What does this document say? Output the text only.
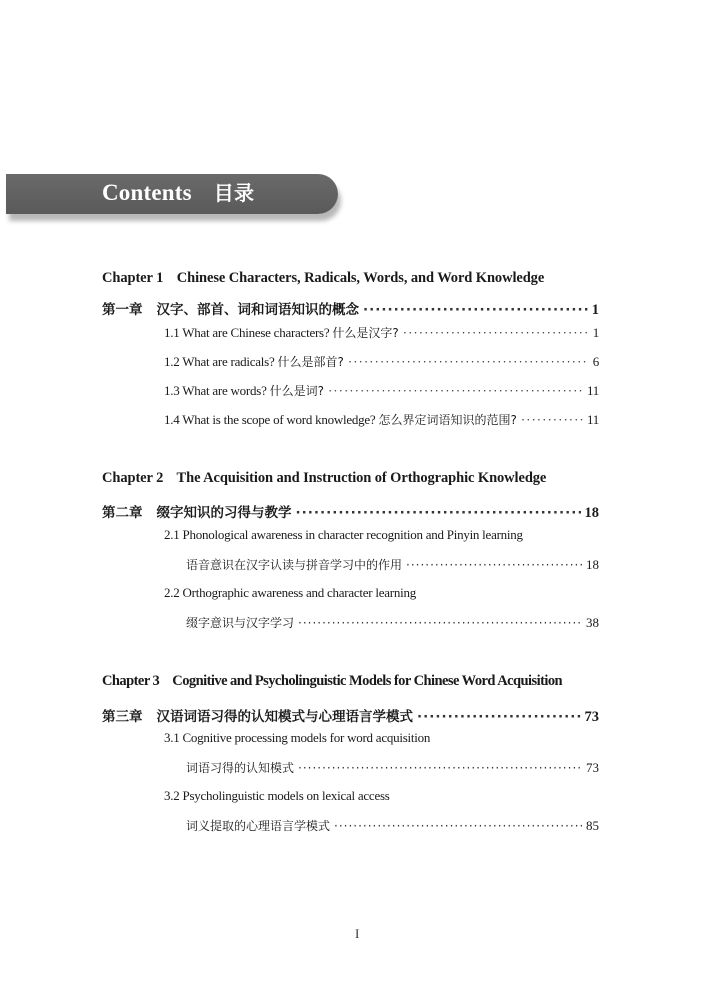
Contents 目录
Chapter 1 Chinese Characters, Radicals, Words, and Word Knowledge
第一章 汉字、部首、词和词语知识的概念 ·····	1
1.1 What are Chinese characters? 什么是汉字? ·····	1
1.2 What are radicals? 什么是部首? ·····	6
1.3 What are words? 什么是词? ·····	11
1.4 What is the scope of word knowledge? 怎么界定词语知识的范围? ·····	11
Chapter 2 The Acquisition and Instruction of Orthographic Knowledge
第二章 缀字知识的习得与教学 ·····	18
2.1 Phonological awareness in character recognition and Pinyin learning
语音意识在汉字认读与拼音学习中的作用 ·····	18
2.2 Orthographic awareness and character learning
缀字意识与汉字学习 ·····	38
Chapter 3 Cognitive and Psycholinguistic Models for Chinese Word Acquisition
第三章 汉语词语习得的认知模式与心理语言学模式 ·····	73
3.1 Cognitive processing models for word acquisition
词语习得的认知模式 ·····	73
3.2 Psycholinguistic models on lexical access
词义提取的心理语言学模式 ·····	85
I
